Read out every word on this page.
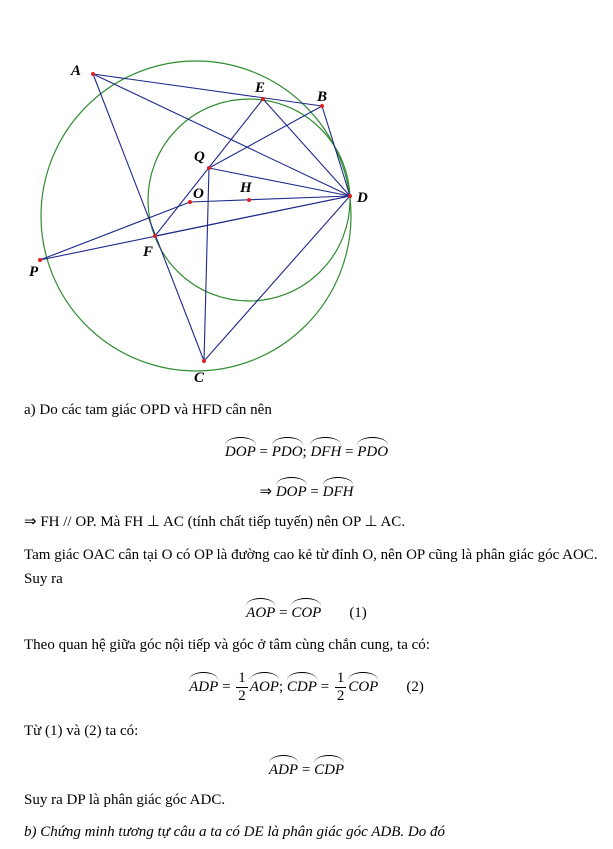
A
E
B
Q
O H
D
F
P
C

a) Do các tam giác OPD và HFD cân nên

DOP = PDO; DFH = PDO
⇒ DOP = DFH

⇒ FH // OP. Mà FH ⊥ AC (tính chất tiếp tuyến) nên OP ⊥ AC.

Tam giác OAC cân tại O có OP là đường cao kẻ từ đỉnh O, nên OP cũng là phân giác góc AOC. Suy ra

AOP = COP (1)

Theo quan hệ giữa góc nội tiếp và góc ở tâm cùng chắn cung, ta có:

ADP = $\frac{1}{2}$ AOP; CDP = $\frac{1}{2}$ COP (2)

Từ (1) và (2) ta có:

ADP = CDP

Suy ra DP là phân giác góc ADC.

b) Chứng minh tương tự câu a ta có DE là phân giác góc ADB. Do đó
